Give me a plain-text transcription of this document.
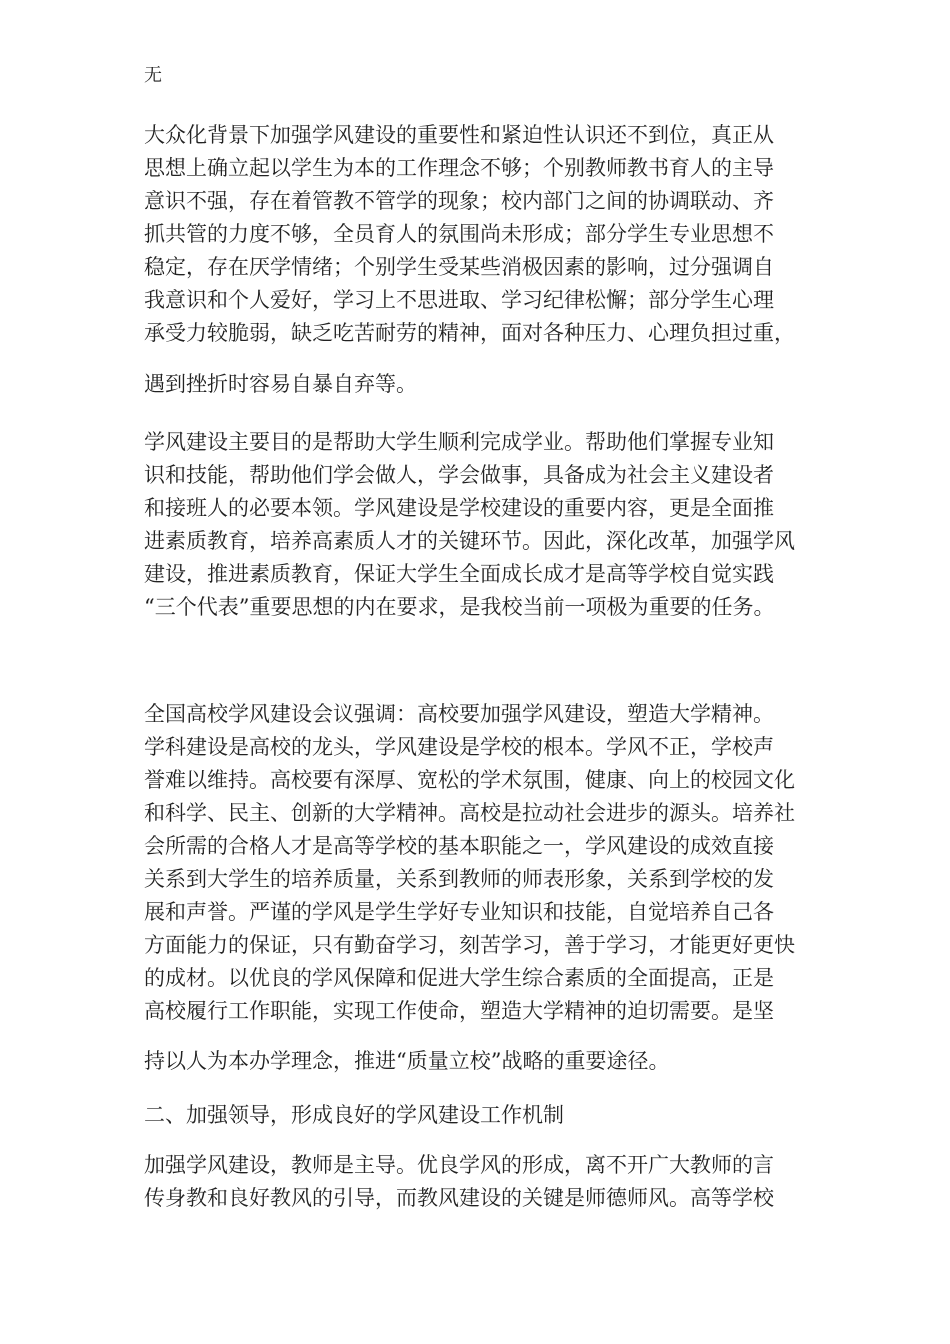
无
大众化背景下加强学风建设的重要性和紧迫性认识还不到位，真正从
思想上确立起以学生为本的工作理念不够；个别教师教书育人的主导
意识不强，存在着管教不管学的现象；校内部门之间的协调联动、齐
抓共管的力度不够，全员育人的氛围尚未形成；部分学生专业思想不
稳定，存在厌学情绪；个别学生受某些消极因素的影响，过分强调自
我意识和个人爱好，学习上不思进取、学习纪律松懈；部分学生心理
承受力较脆弱，缺乏吃苦耐劳的精神，面对各种压力、心理负担过重，
遇到挫折时容易自暴自弃等。
学风建设主要目的是帮助大学生顺利完成学业。帮助他们掌握专业知
识和技能，帮助他们学会做人，学会做事，具备成为社会主义建设者
和接班人的必要本领。学风建设是学校建设的重要内容，更是全面推
进素质教育，培养高素质人才的关键环节。因此，深化改革，加强学风
建设，推进素质教育，保证大学生全面成长成才是高等学校自觉实践
“三个代表”重要思想的内在要求，是我校当前一项极为重要的任务。
全国高校学风建设会议强调：高校要加强学风建设，塑造大学精神。
学科建设是高校的龙头，学风建设是学校的根本。学风不正，学校声
誉难以维持。高校要有深厚、宽松的学术氛围，健康、向上的校园文化
和科学、民主、创新的大学精神。高校是拉动社会进步的源头。培养社
会所需的合格人才是高等学校的基本职能之一，学风建设的成效直接
关系到大学生的培养质量，关系到教师的师表形象，关系到学校的发
展和声誉。严谨的学风是学生学好专业知识和技能，自觉培养自己各
方面能力的保证，只有勤奋学习，刻苦学习，善于学习，才能更好更快
的成材。以优良的学风保障和促进大学生综合素质的全面提高，正是
高校履行工作职能，实现工作使命，塑造大学精神的迫切需要。是坚
持以人为本办学理念，推进“质量立校”战略的重要途径。
二、加强领导，形成良好的学风建设工作机制
加强学风建设，教师是主导。优良学风的形成，离不开广大教师的言
传身教和良好教风的引导，而教风建设的关键是师德师风。高等学校
